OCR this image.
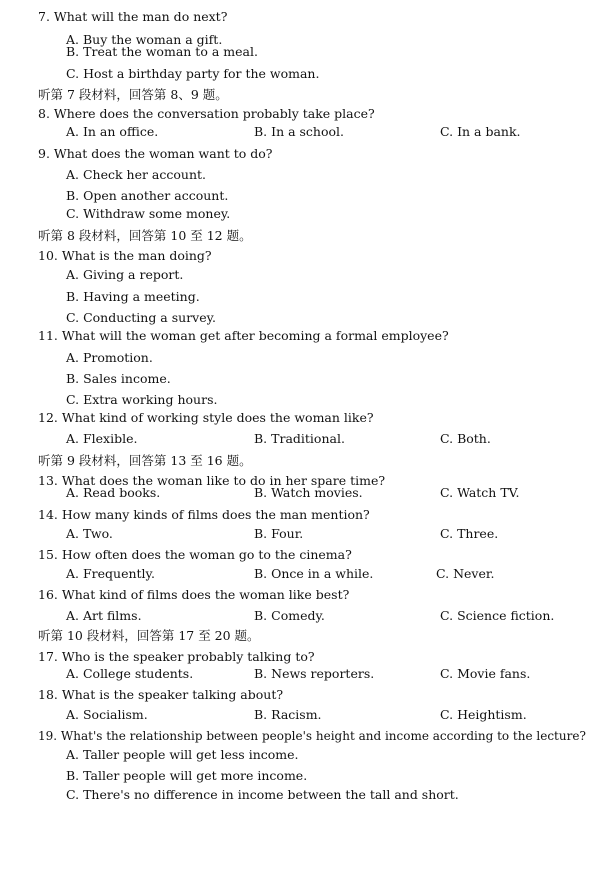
7. What will the man do next?
A. Buy the woman a gift.
B. Treat the woman to a meal.
C. Host a birthday party for the woman.
听第 7 段材料，回答第 8、9 题。
8. Where does the conversation probably take place?
A. In an office.	B. In a school.	C. In a bank.
9. What does the woman want to do?
A. Check her account.
B. Open another account.
C. Withdraw some money.
听第 8 段材料，回答第 10 至 12 题。
10. What is the man doing?
A. Giving a report.
B. Having a meeting.
C. Conducting a survey.
11. What will the woman get after becoming a formal employee?
A. Promotion.
B. Sales income.
C. Extra working hours.
12. What kind of working style does the woman like?
A. Flexible.	B. Traditional.	C. Both.
听第 9 段材料，回答第 13 至 16 题。
13. What does the woman like to do in her spare time?
A. Read books.	B. Watch movies.	C. Watch TV.
14. How many kinds of films does the man mention?
A. Two.	B. Four.	C. Three.
15. How often does the woman go to the cinema?
A. Frequently.	B. Once in a while.	C. Never.
16. What kind of films does the woman like best?
A. Art films.	B. Comedy.	C. Science fiction.
听第 10 段材料，回答第 17 至 20 题。
17. Who is the speaker probably talking to?
A. College students.	B. News reporters.	C. Movie fans.
18. What is the speaker talking about?
A. Socialism.	B. Racism.	C. Heightism.
19. What's the relationship between people's height and income according to the lecture?
A. Taller people will get less income.
B. Taller people will get more income.
C. There's no difference in income between the tall and short.
